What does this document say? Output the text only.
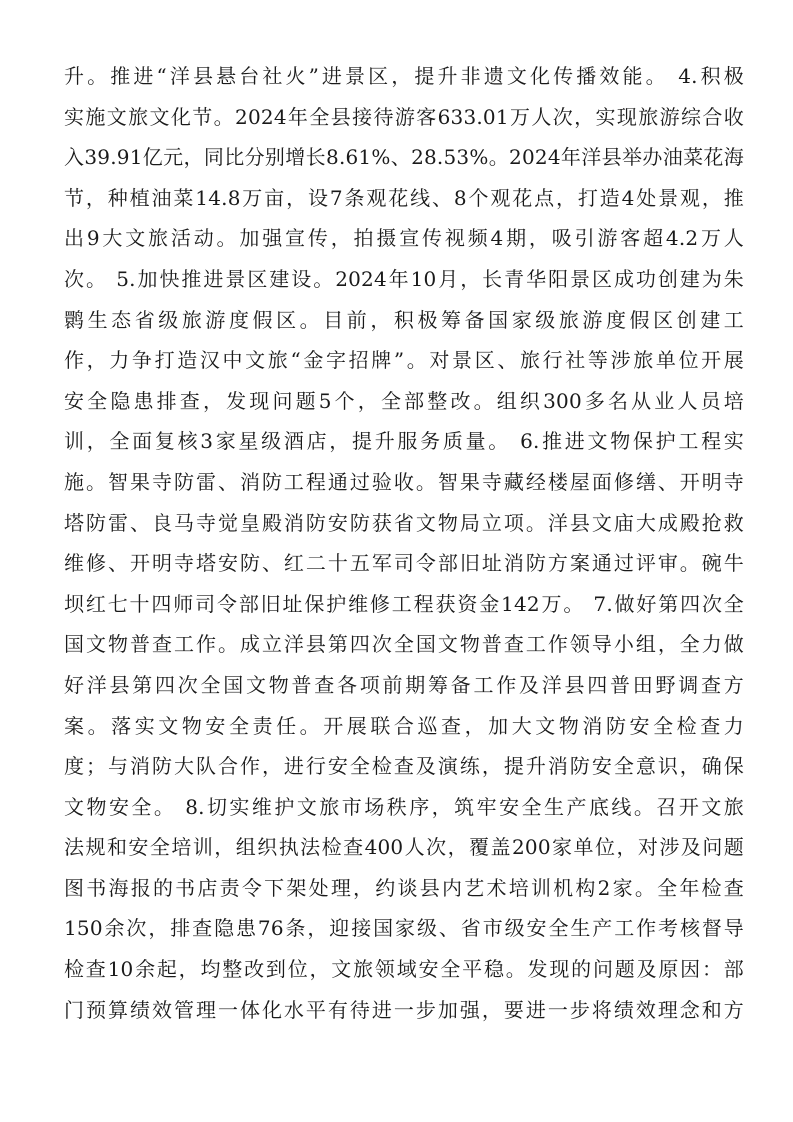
升。推进“洋县悬台社火”进景区，提升非遗文化传播效能。 4.积极
实施文旅文化节。2024年全县接待游客633.01万人次，实现旅游综合收
入39.91亿元，同比分别增长8.61%、28.53%。2024年洋县举办油菜花海
节，种植油菜14.8万亩，设7条观花线、8个观花点，打造4处景观，推
出9大文旅活动。加强宣传，拍摄宣传视频4期，吸引游客超4.2万人
次。 5.加快推进景区建设。2024年10月，长青华阳景区成功创建为朱
鹮生态省级旅游度假区。目前，积极筹备国家级旅游度假区创建工
作，力争打造汉中文旅“金字招牌”。对景区、旅行社等涉旅单位开展
安全隐患排查，发现问题5个，全部整改。组织300多名从业人员培
训，全面复核3家星级酒店，提升服务质量。 6.推进文物保护工程实
施。智果寺防雷、消防工程通过验收。智果寺藏经楼屋面修缮、开明寺
塔防雷、良马寺觉皇殿消防安防获省文物局立项。洋县文庙大成殿抢救
维修、开明寺塔安防、红二十五军司令部旧址消防方案通过评审。碗牛
坝红七十四师司令部旧址保护维修工程获资金142万。 7.做好第四次全
国文物普查工作。成立洋县第四次全国文物普查工作领导小组，全力做
好洋县第四次全国文物普查各项前期筹备工作及洋县四普田野调查方
案。落实文物安全责任。开展联合巡查，加大文物消防安全检查力
度；与消防大队合作，进行安全检查及演练，提升消防安全意识，确保
文物安全。 8.切实维护文旅市场秩序，筑牢安全生产底线。召开文旅
法规和安全培训，组织执法检查400人次，覆盖200家单位，对涉及问题
图书海报的书店责令下架处理，约谈县内艺术培训机构2家。全年检查
150余次，排查隐患76条，迎接国家级、省市级安全生产工作考核督导
检查10余起，均整改到位，文旅领域安全平稳。发现的问题及原因：部
门预算绩效管理一体化水平有待进一步加强，要进一步将绩效理念和方
